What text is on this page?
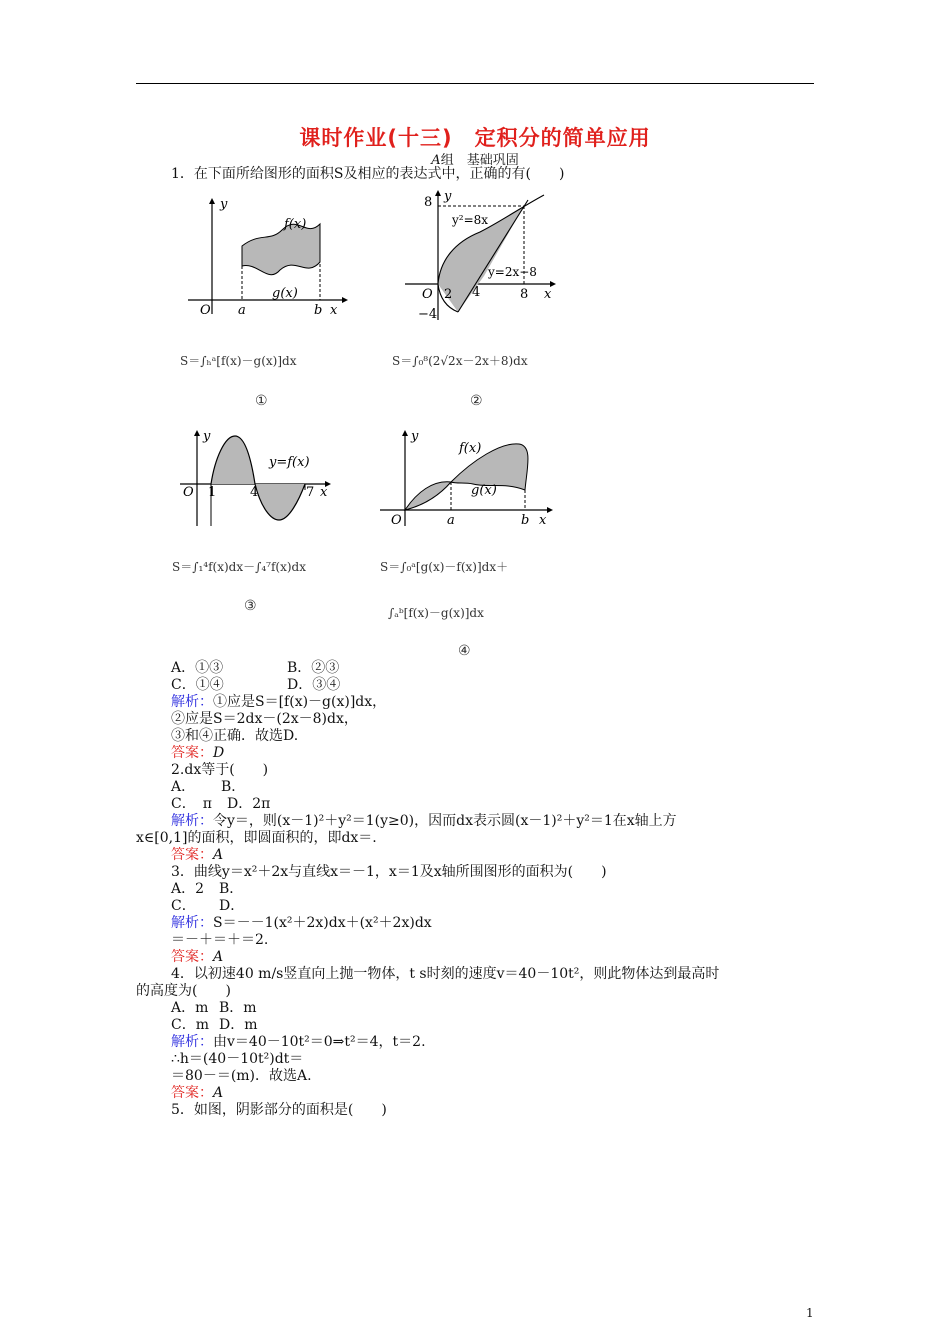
课时作业(十三)　定积分的简单应用
A组　基础巩固
1．在下面所给图形的面积S及相应的表达式中，正确的有(　　)
y
O a	b x
f(x)
g(x)
8 y
y²=8x
y=2x−8
O 2 4	8 x
−4
S＝∫ₕᵃ[f(x)－g(x)]dx	S＝∫₀⁸(2√2x－2x＋8)dx
①	②
y
O 1	4	7 x
y=f(x)
y
f(x)
g(x)
O	a	b x
S＝∫₁⁴f(x)dx－∫₄⁷f(x)dx	S＝∫₀ᵃ[g(x)－f(x)]dx＋
∫ₐᵇ[f(x)－g(x)]dx
③
④
A．①③	B．②③
C．①④	D．③④
解析：①应是S＝[f(x)－g(x)]dx，
②应是S＝2dx－(2x－8)dx，
③和④正确．故选D.
答案：D
2.dx等于(　　)
A． B．
C．　π D．2π
解析：令y＝，则(x－1)²＋y²＝1(y≥0)，因而dx表示圆(x－1)²＋y²＝1在x轴上方
x∈[0,1]的面积，即圆面积的，即dx＝.
答案：A
3．曲线y＝x²＋2x与直线x＝－1，x＝1及x轴所围图形的面积为(　　)
A．2 B．
C． D．
解析：S＝－－1(x²＋2x)dx＋(x²＋2x)dx
＝－＋＝＋＝2.
答案：A
4．以初速40 m/s竖直向上抛一物体，t s时刻的速度v＝40－10t²，则此物体达到最高时
的高度为(　　)
A．m B．m
C．m D．m
解析：由v＝40－10t²＝0⇒t²＝4，t＝2.
∴h＝(40－10t²)dt＝
＝80－＝(m)．故选A.
答案：A
5．如图，阴影部分的面积是(　　)
1
